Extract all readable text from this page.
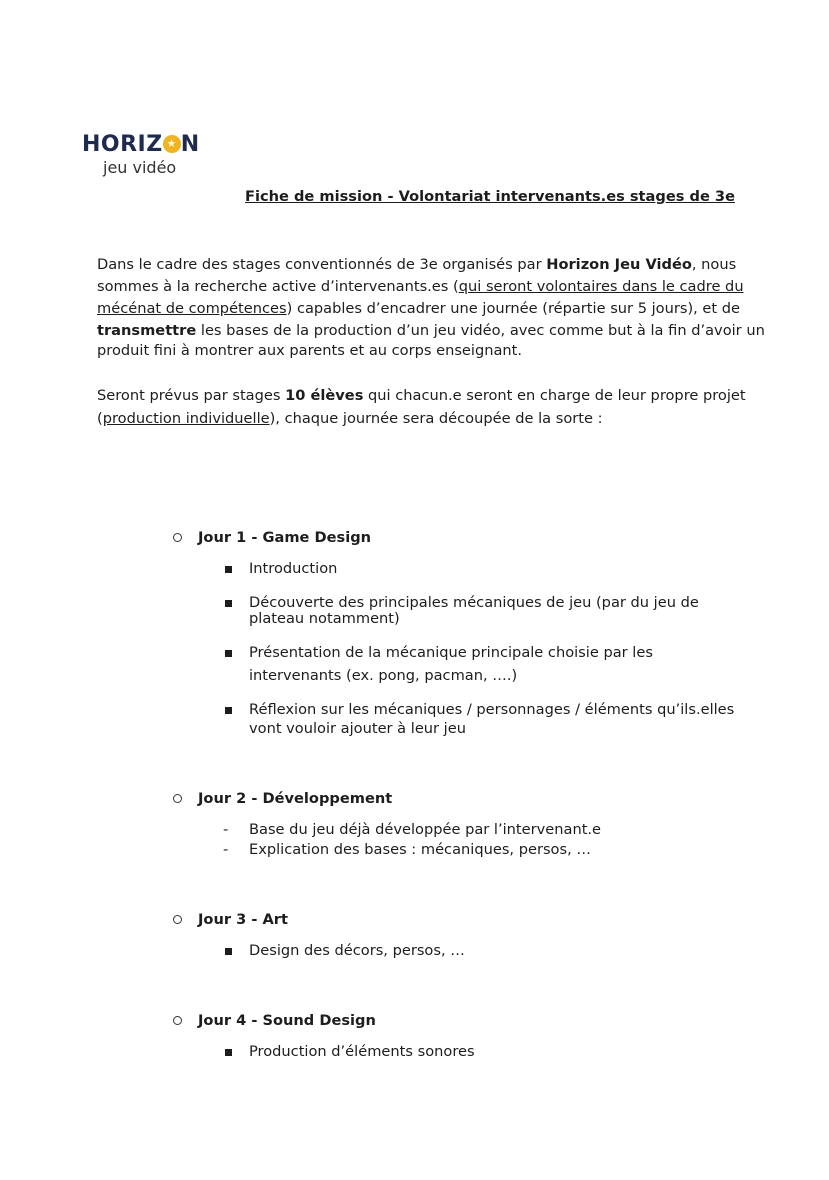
HORIZ ★ N
jeu vidéo
Fiche de mission - Volontariat intervenants.es stages de 3e
Dans le cadre des stages conventionnés de 3e organisés par Horizon Jeu Vidéo, nous
sommes à la recherche active d’intervenants.es (qui seront volontaires dans le cadre du
mécénat de compétences) capables d’encadrer une journée (répartie sur 5 jours), et de
transmettre les bases de la production d’un jeu vidéo, avec comme but à la fin d’avoir un
produit fini à montrer aux parents et au corps enseignant.
Seront prévus par stages 10 élèves qui chacun.e seront en charge de leur propre projet
(production individuelle), chaque journée sera découpée de la sorte :
Jour 1 - Game Design
Introduction
Découverte des principales mécaniques de jeu (par du jeu de
plateau notamment)
Présentation de la mécanique principale choisie par les
intervenants (ex. pong, pacman, ….)
Réflexion sur les mécaniques / personnages / éléments qu’ils.elles
vont vouloir ajouter à leur jeu
Jour 2 - Développement
- Base du jeu déjà développée par l’intervenant.e
- Explication des bases : mécaniques, persos, …
Jour 3 - Art
Design des décors, persos, …
Jour 4 - Sound Design
Production d’éléments sonores
